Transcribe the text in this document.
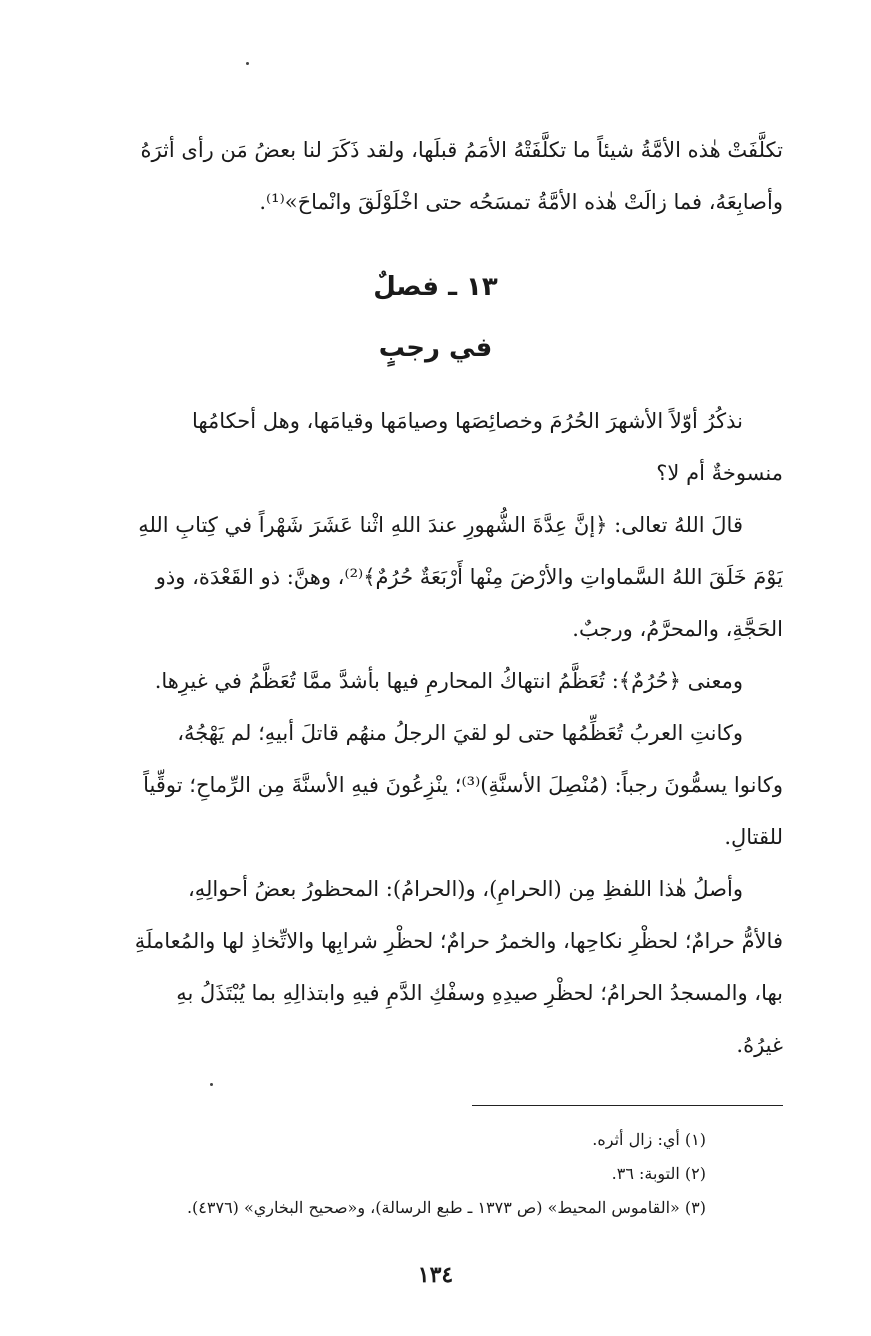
تكلَّفَتْ هٰذه الأمَّةُ شيئاً ما تكلَّفَتْهُ الأمَمُ قبلَها، ولقد ذَكَرَ لنا بعضُ مَن رأى أثرَهُ
وأصابِعَهُ، فما زالَتْ هٰذه الأمَّةُ تمسَحُه حتى اخْلَوْلَقَ وانْماحَ»⁽¹⁾.
١٣ ـ فصلٌ
في رجبٍ
نذكُرُ أوّلاً الأشهرَ الحُرُمَ وخصائِصَها وصيامَها وقيامَها، وهل أحكامُها
منسوخةٌ أم لا؟
قالَ اللهُ تعالى: ﴿إنَّ عِدَّةَ الشُّهورِ عندَ اللهِ اثْنا عَشَرَ شَهْراً في كِتابِ اللهِ
يَوْمَ خَلَقَ اللهُ السَّماواتِ والأرْضَ مِنْها أَرْبَعَةٌ حُرُمٌ﴾⁽²⁾، وهنَّ: ذو القَعْدَة، وذو
الحَجَّةِ، والمحرَّمُ، ورجبٌ.
ومعنى ﴿حُرُمٌ﴾: تُعَظَّمُ انتهاكُ المحارمِ فيها بأشدَّ ممَّا تُعَظَّمُ في غيرِها.
وكانتِ العربُ تُعَظِّمُها حتى لو لقيَ الرجلُ منهُم قاتلَ أبيهِ؛ لم يَهْجُهُ،
وكانوا يسمُّونَ رجباً: (مُنْصِلَ الأسنَّةِ)⁽³⁾؛ ينْزِعُونَ فيهِ الأسنَّةَ مِن الرِّماحِ؛ توقِّياً
للقتالِ.
وأصلُ هٰذا اللفظِ مِن (الحرامِ)، و(الحرامُ): المحظورُ بعضُ أحوالِهِ،
فالأمُّ حرامٌ؛ لحظْرِ نكاحِها، والخمرُ حرامٌ؛ لحظْرِ شرابِها والاتِّخاذِ لها والمُعاملَةِ
بها، والمسجدُ الحرامُ؛ لحظْرِ صيدِهِ وسفْكِ الدَّمِ فيهِ وابتذالِهِ بما يُبْتَذَلُ بهِ
غيرُهُ.
(١) أي: زال أثره.
(٢) التوبة: ٣٦.
(٣) «القاموس المحيط» (ص ١٣٧٣ ـ طبع الرسالة)، و«صحيح البخاري» (٤٣٧٦).
١٣٤
